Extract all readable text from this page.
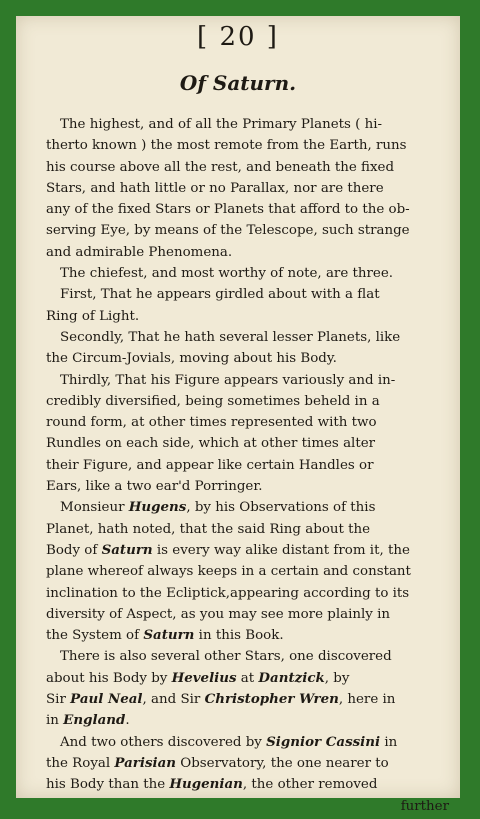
[ 20 ]
Of Saturn.
The highest, and of all the Primary Planets ( hi-
therto known ) the most remote from the Earth, runs
his course above all the rest, and beneath the fixed
Stars, and hath little or no Parallax, nor are there
any of the fixed Stars or Planets that afford to the ob-
serving Eye, by means of the Telescope, such strange
and admirable Phenomena.
The chiefest, and most worthy of note, are three.
First, That he appears girdled about with a flat
Ring of Light.
Secondly, That he hath several lesser Planets, like
the Circum-Jovials, moving about his Body.
Thirdly, That his Figure appears variously and in-
credibly diversified, being sometimes beheld in a
round form, at other times represented with two
Rundles on each side, which at other times alter
their Figure, and appear like certain Handles or
Ears, like a two ear'd Porringer.
Monsieur Hugens, by his Observations of this
Planet, hath noted, that the said Ring about the
Body of Saturn is every way alike distant from it, the
plane whereof always keeps in a certain and constant
inclination to the Ecliptick,appearing according to its
diversity of Aspect, as you may see more plainly in
the System of Saturn in this Book.
There is also several other Stars, one discovered
about his Body by Hevelius at Dantzick, by
Sir Paul Neal, and Sir Christopher Wren, here in
in England.
And two others discovered by Signior Cassini in
the Royal Parisian Observatory, the one nearer to
his Body than the Hugenian, the other removed
further
